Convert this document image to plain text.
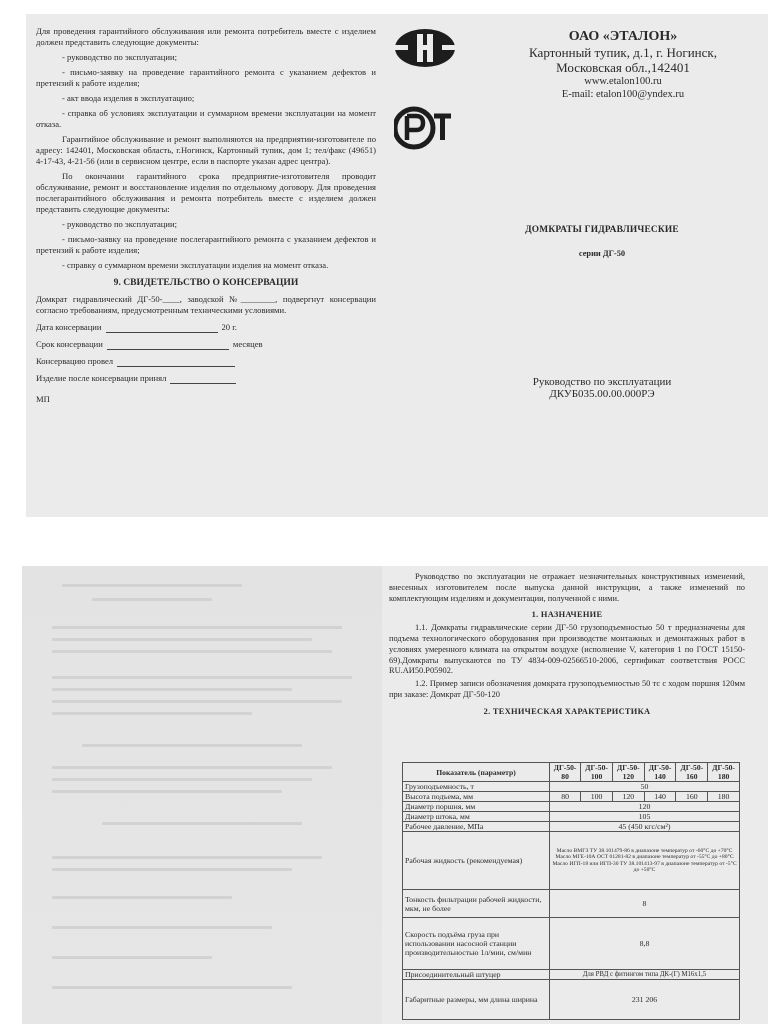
Для проведения гарантийного обслуживания или ремонта потребитель вместе с изделием должен представить следующие документы:

- руководство по эксплуатации;

- письмо-заявку на проведение гарантийного ремонта с указанием дефектов и претензий к работе изделия;

- акт ввода изделия в эксплуатацию;

- справка об условиях эксплуатации и суммарном времени эксплуатации на момент отказа.

Гарантийное обслуживание и ремонт выполняются на предприятии-изготовителе по адресу: 142401, Московская область, г.Ногинск, Картонный тупик, дом 1; тел/факс (49651) 4-17-43, 4-21-56 (или в сервисном центре, если в паспорте указан адрес центра).

По окончании гарантийного срока предприятие-изготовителя проводит обслуживание, ремонт и восстановление изделия по отдельному договору. Для проведения послегарантийного обслуживания и ремонта потребитель вместе с изделием должен представить следующие документы:

- руководство по эксплуатации;

- письмо-заявку на проведение послегарантийного ремонта с указанием дефектов и претензий к работе изделия;

- справку о суммарном времени эксплуатации изделия на момент отказа.

9. СВИДЕТЕЛЬСТВО О КОНСЕРВАЦИИ

Домкрат гидравлический ДГ-50-____, заводской №________, подвергнут консервации согласно требованиям, предусмотренным техническими условиями.

Дата консервации	20 г.

Срок консервации	месяцев

Консервацию провел

Изделие после консервации принял

МП

ОАО «ЭТАЛОН»
Картонный тупик, д.1, г. Ногинск,
Московская обл.,142401
www.etalon100.ru
E-mail: etalon100@yndex.ru
ДОМКРАТЫ ГИДРАВЛИЧЕСКИЕ
серии ДГ-50
Руководство по эксплуатации
ДКУБ035.00.00.000РЭ

Руководство по эксплуатации не отражает незначительных конструктивных изменений, внесенных изготовителем после выпуска данной инструкции, а также изменений по комплектующим изделиям и документации, полученной с ними.

1. НАЗНАЧЕНИЕ

1.1. Домкраты гидравлические серии ДГ-50 грузоподъемностью 50 т предназначены для подъема технологического оборудования при производстве монтажных и демонтажных работ в условиях умеренного климата на открытом воздухе (исполнение V, категория 1 по ГОСТ 15150-69).Домкраты выпускаются по ТУ 4834-009-02566510-2006, сертификат соответствия РОСС RU.АИ50.Р05902.

1.2. Пример записи обозначения домкрата грузоподъемностью 50 тс с ходом поршня 120мм при заказе: Домкрат ДГ-50-120

2. ТЕХНИЧЕСКАЯ ХАРАКТЕРИСТИКА

Показатель (параметр)	ДГ-50-80	ДГ-50-100	ДГ-50-120	ДГ-50-140	ДГ-50-160	ДГ-50-180
Грузоподъемность, т	50					
Высота подъема, мм	80	100	120	140	160	180
Диаметр поршня, мм	120					
Диаметр штока, мм	105					
Рабочее давление, МПа	45 (450 кгс/см²)					
Рабочая жидкость (рекомендуемая)	Масло ВМГЗ ТУ 38.101479-86 в диапазоне температур от -60°С до +70°С Масло МГЕ-10А ОСТ 01281-82 в диапазоне температур от -55°С до +80°С Масло ИГП-18 или ИГП-30 ТУ 38.101413-97 в диапазоне температур от -5°С до +50°С					
Тонкость фильтрации рабочей жидкости, мкм, не более	8					
Скорость подъёма груза при использовании насосной станции производительностью 1л/мин, см/мин	8,8					
Присоединительный штуцер	Для РВД с фитингом типа ДК-(Г) М16х1,5					
Габаритные размеры, мм длина ширина	231 206					
